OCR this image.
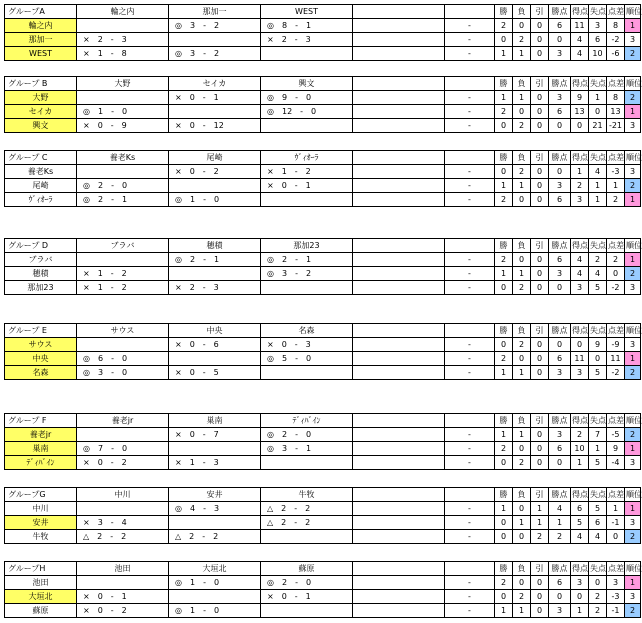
グループA	輪之内	那加一	WEST			勝	負	引	勝点	得点	失点	点差	順位
輪之内		◎　3　-　2	◎　8　-　1		-	2	0	0	6	11	3	8	1
那加一	×　2　-　3		×　2　-　3		-	0	2	0	0	4	6	-2	3
WEST	×　1　-　8	◎　3　-　2			-	1	1	0	3	4	10	-6	2
グループ B	大野	セイカ	興文			勝	負	引	勝点	得点	失点	点差	順位
大野		×　0　-　1	◎　9　-　0		-	1	1	0	3	9	1	8	2
セイカ	◎　1　-　0		◎　12　-　0		-	2	0	0	6	13	0	13	1
興文	×　0　-　9	×　0　-　12			-	0	2	0	0	0	21	-21	3
グループ C	養老Ks	尾崎	ｳﾞｨｵｰﾗ			勝	負	引	勝点	得点	失点	点差	順位
養老Ks		×　0　-　2	×　1　-　2		-	0	2	0	0	1	4	-3	3
尾崎	◎　2　-　0		×　0　-　1		-	1	1	0	3	2	1	1	2
ｳﾞｨｵｰﾗ	◎　2　-　1	◎　1　-　0			-	2	0	0	6	3	1	2	1
グループ D	ブラバ	穂積	那加23			勝	負	引	勝点	得点	失点	点差	順位
ブラバ		◎　2　-　1	◎　2　-　1		-	2	0	0	6	4	2	2	1
穂積	×　1　-　2		◎　3　-　2		-	1	1	0	3	4	4	0	2
那加23	×　1　-　2	×　2　-　3			-	0	2	0	0	3	5	-2	3
グループ E	サウス	中央	名森			勝	負	引	勝点	得点	失点	点差	順位
サウス		×　0　-　6	×　0　-　3		-	0	2	0	0	0	9	-9	3
中央	◎　6　-　0		◎　5　-　0		-	2	0	0	6	11	0	11	1
名森	◎　3　-　0	×　0　-　5			-	1	1	0	3	3	5	-2	2
グループ F	養老jr	巣南	ﾃﾞｨﾊﾞｲﾝ			勝	負	引	勝点	得点	失点	点差	順位
養老jr		×　0　-　7	◎　2　-　0		-	1	1	0	3	2	7	-5	2
巣南	◎　7　-　0		◎　3　-　1		-	2	0	0	6	10	1	9	1
ﾃﾞｨﾊﾞｲﾝ	×　0　-　2	×　1　-　3			-	0	2	0	0	1	5	-4	3
グループG	中川	安井	牛牧			勝	負	引	勝点	得点	失点	点差	順位
中川		◎　4　-　3	△　2　-　2		-	1	0	1	4	6	5	1	1
安井	×　3　-　4		△　2　-　2		-	0	1	1	1	5	6	-1	3
牛牧	△　2　-　2	△　2　-　2			-	0	0	2	2	4	4	0	2
グループH	池田	大垣北	蘇原			勝	負	引	勝点	得点	失点	点差	順位
池田		◎　1　-　0	◎　2　-　0		-	2	0	0	6	3	0	3	1
大垣北	×　0　-　1		×　0　-　1		-	0	2	0	0	0	2	-3	3
蘇原	×　0　-　2	◎　1　-　0			-	1	1	0	3	1	2	-1	2
